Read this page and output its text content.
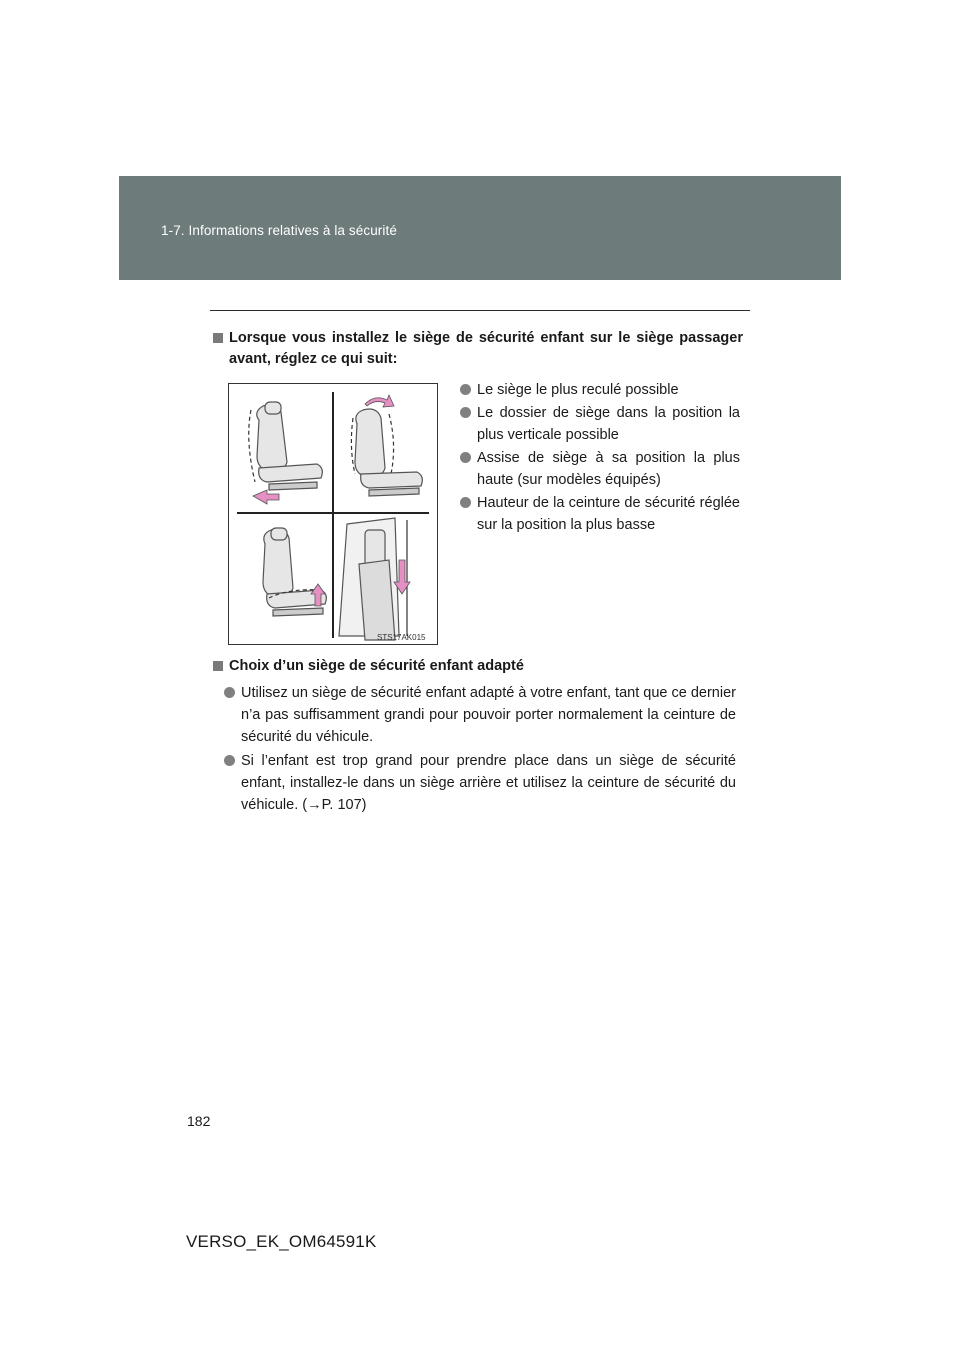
1-7. Informations relatives à la sécurité
Lorsque vous installez le siège de sécurité enfant sur le siège passager avant, réglez ce qui suit:
STS17AK015
Le siège le plus reculé possible
Le dossier de siège dans la position la plus verticale possible
Assise de siège à sa position la plus haute (sur modèles équipés)
Hauteur de la ceinture de sécurité réglée sur la position la plus basse
Choix d’un siège de sécurité enfant adapté
Utilisez un siège de sécurité enfant adapté à votre enfant, tant que ce dernier n’a pas suffisamment grandi pour pouvoir porter normalement la ceinture de sécurité du véhicule.
Si l’enfant est trop grand pour prendre place dans un siège de sécurité enfant, installez-le dans un siège arrière et utilisez la ceinture de sécurité du véhicule. (→P. 107)
182
VERSO_EK_OM64591K
